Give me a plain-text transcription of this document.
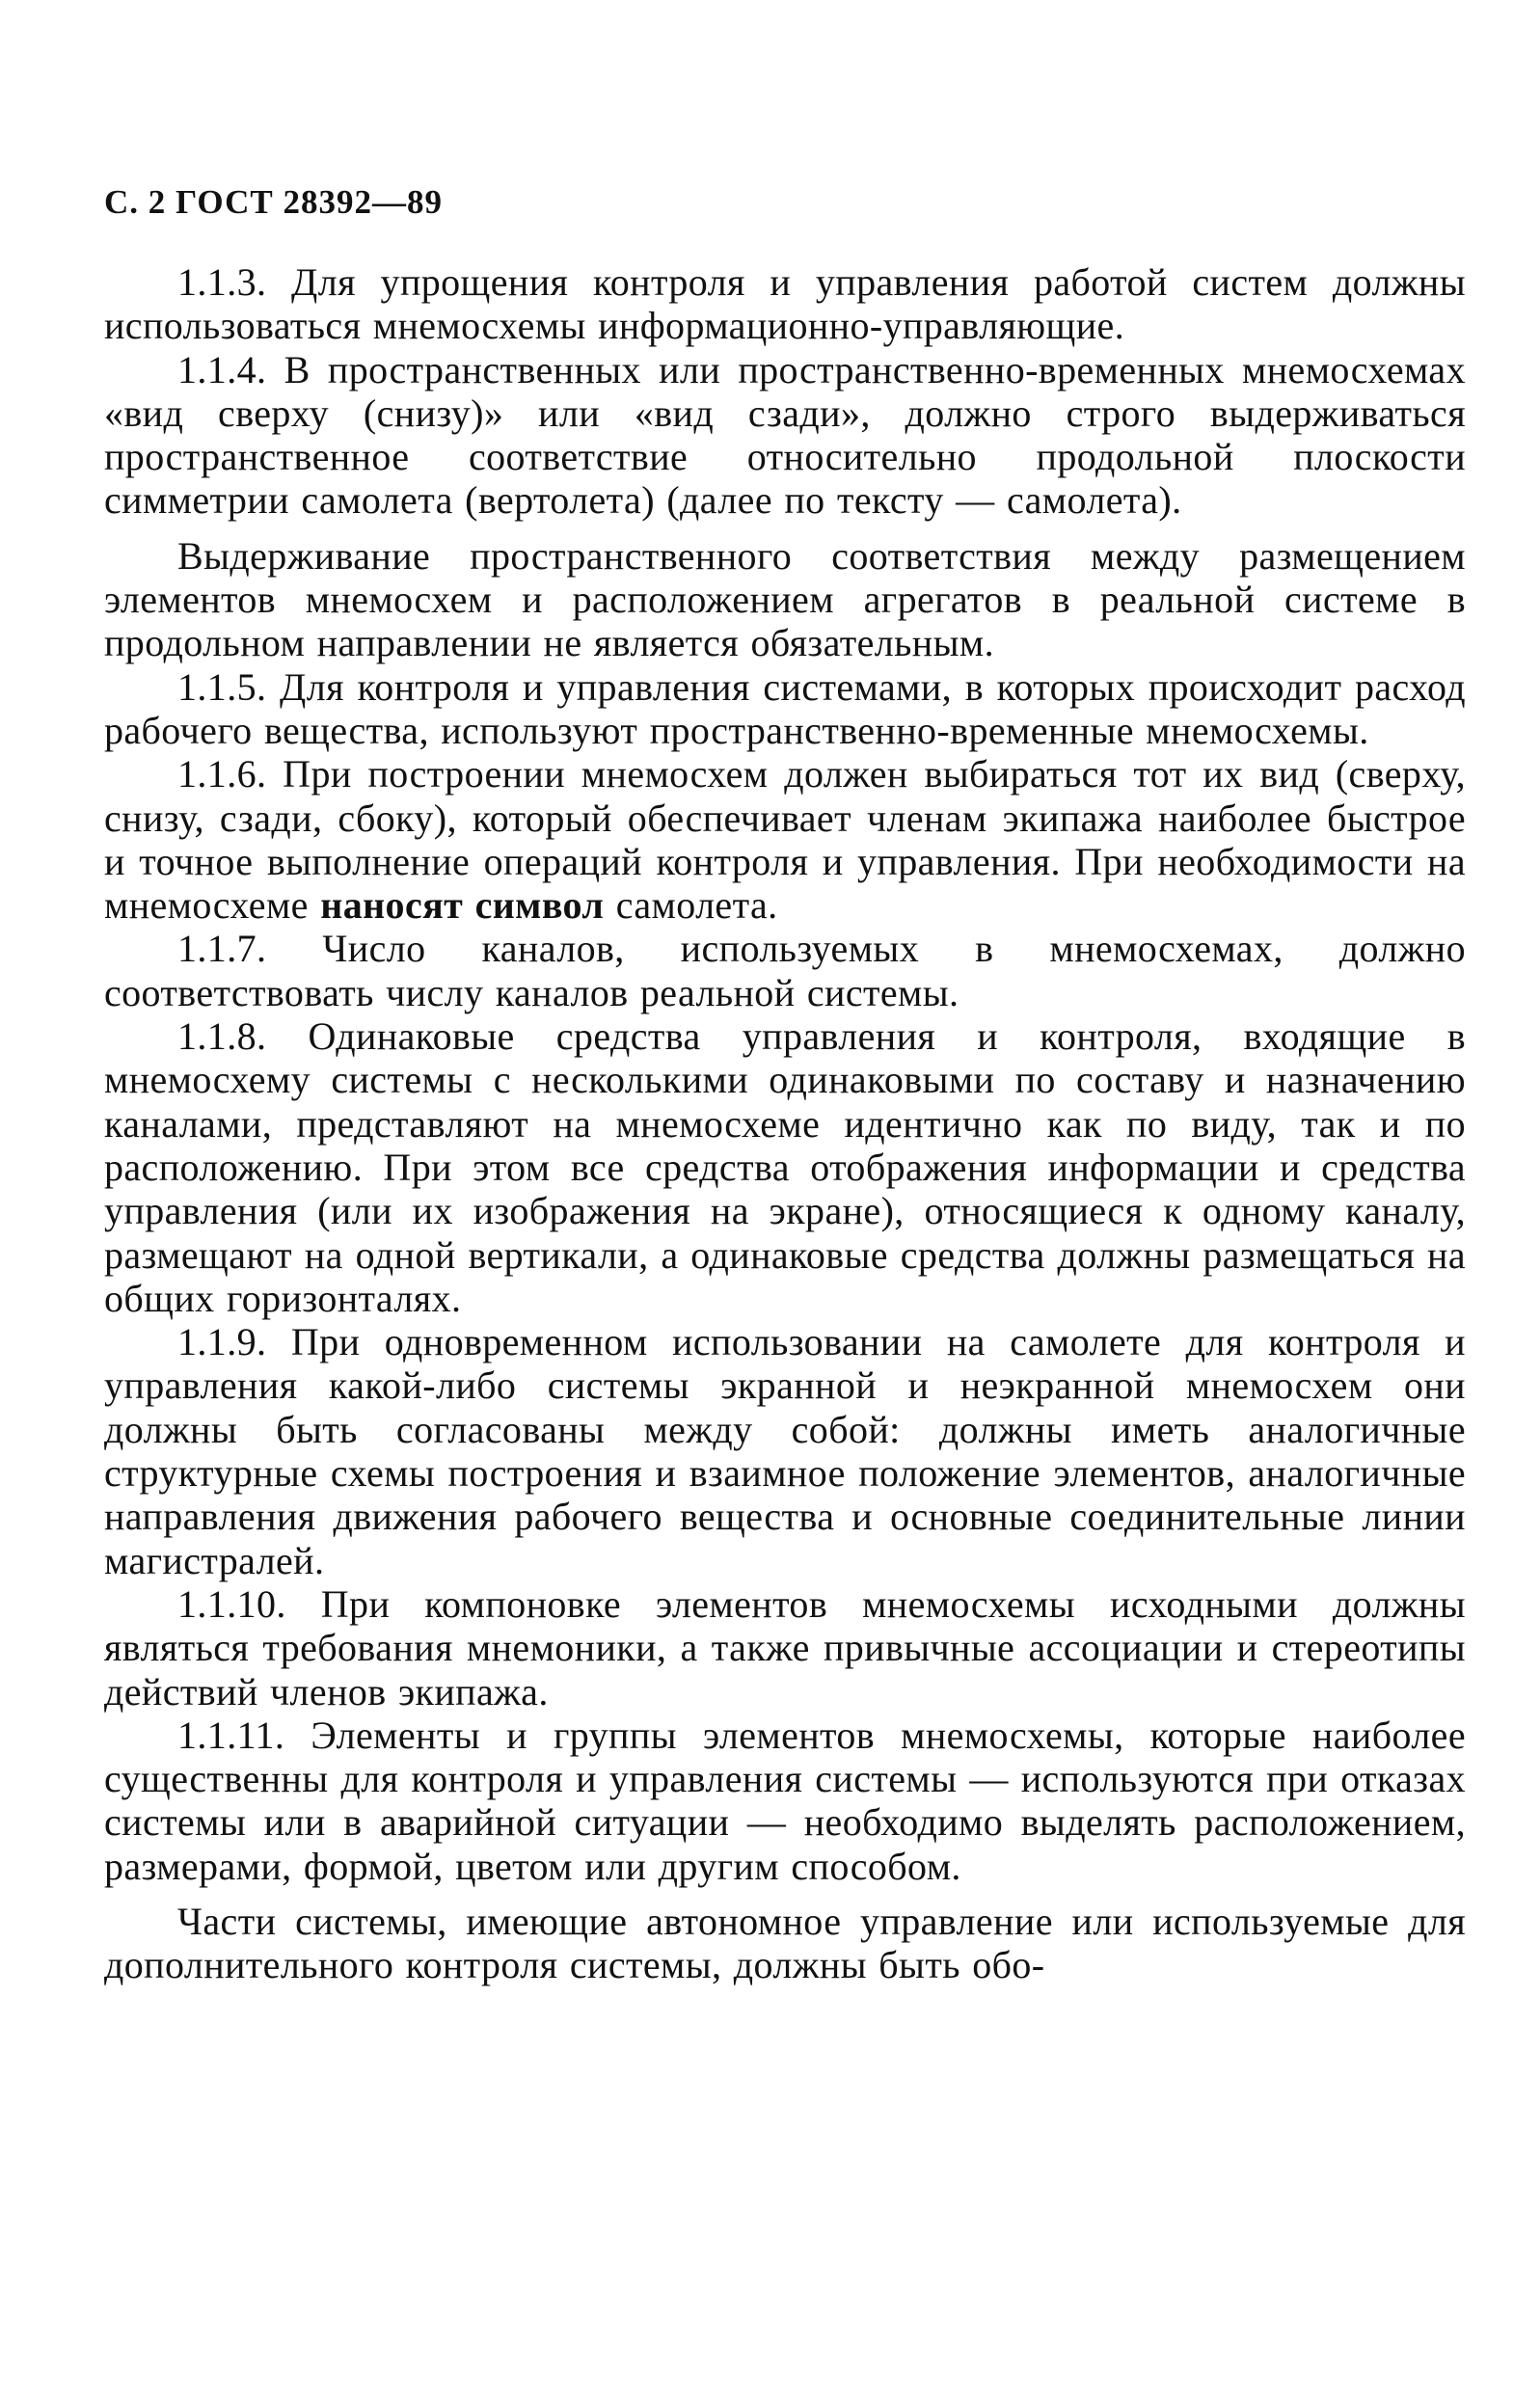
С. 2 ГОСТ 28392—89

1.1.3. Для упрощения контроля и управления работой систем должны использоваться мнемосхемы информационно-управляющие.

1.1.4. В пространственных или пространственно-временных мнемосхемах «вид сверху (снизу)» или «вид сзади», должно строго выдерживаться пространственное соответствие относительно продольной плоскости симметрии самолета (вертолета) (далее по тексту — самолета).

Выдерживание пространственного соответствия между размещением элементов мнемосхем и расположением агрегатов в реальной системе в продольном направлении не является обязательным.

1.1.5. Для контроля и управления системами, в которых происходит расход рабочего вещества, используют пространственно-временные мнемосхемы.

1.1.6. При построении мнемосхем должен выбираться тот их вид (сверху, снизу, сзади, сбоку), который обеспечивает членам экипажа наиболее быстрое и точное выполнение операций контроля и управления. При необходимости на мнемосхеме наносят символ самолета.

1.1.7. Число каналов, используемых в мнемосхемах, должно соответствовать числу каналов реальной системы.

1.1.8. Одинаковые средства управления и контроля, входящие в мнемосхему системы с несколькими одинаковыми по составу и назначению каналами, представляют на мнемосхеме идентично как по виду, так и по расположению. При этом все средства отображения информации и средства управления (или их изображения на экране), относящиеся к одному каналу, размещают на одной вертикали, а одинаковые средства должны размещаться на общих горизонталях.

1.1.9. При одновременном использовании на самолете для контроля и управления какой-либо системы экранной и неэкранной мнемосхем они должны быть согласованы между собой: должны иметь аналогичные структурные схемы построения и взаимное положение элементов, аналогичные направления движения рабочего вещества и основные соединительные линии магистралей.

1.1.10. При компоновке элементов мнемосхемы исходными должны являться требования мнемоники, а также привычные ассоциации и стереотипы действий членов экипажа.

1.1.11. Элементы и группы элементов мнемосхемы, которые наиболее существенны для контроля и управления системы — используются при отказах системы или в аварийной ситуации — необходимо выделять расположением, размерами, формой, цветом или другим способом.

Части системы, имеющие автономное управление или используемые для дополнительного контроля системы, должны быть обо-
